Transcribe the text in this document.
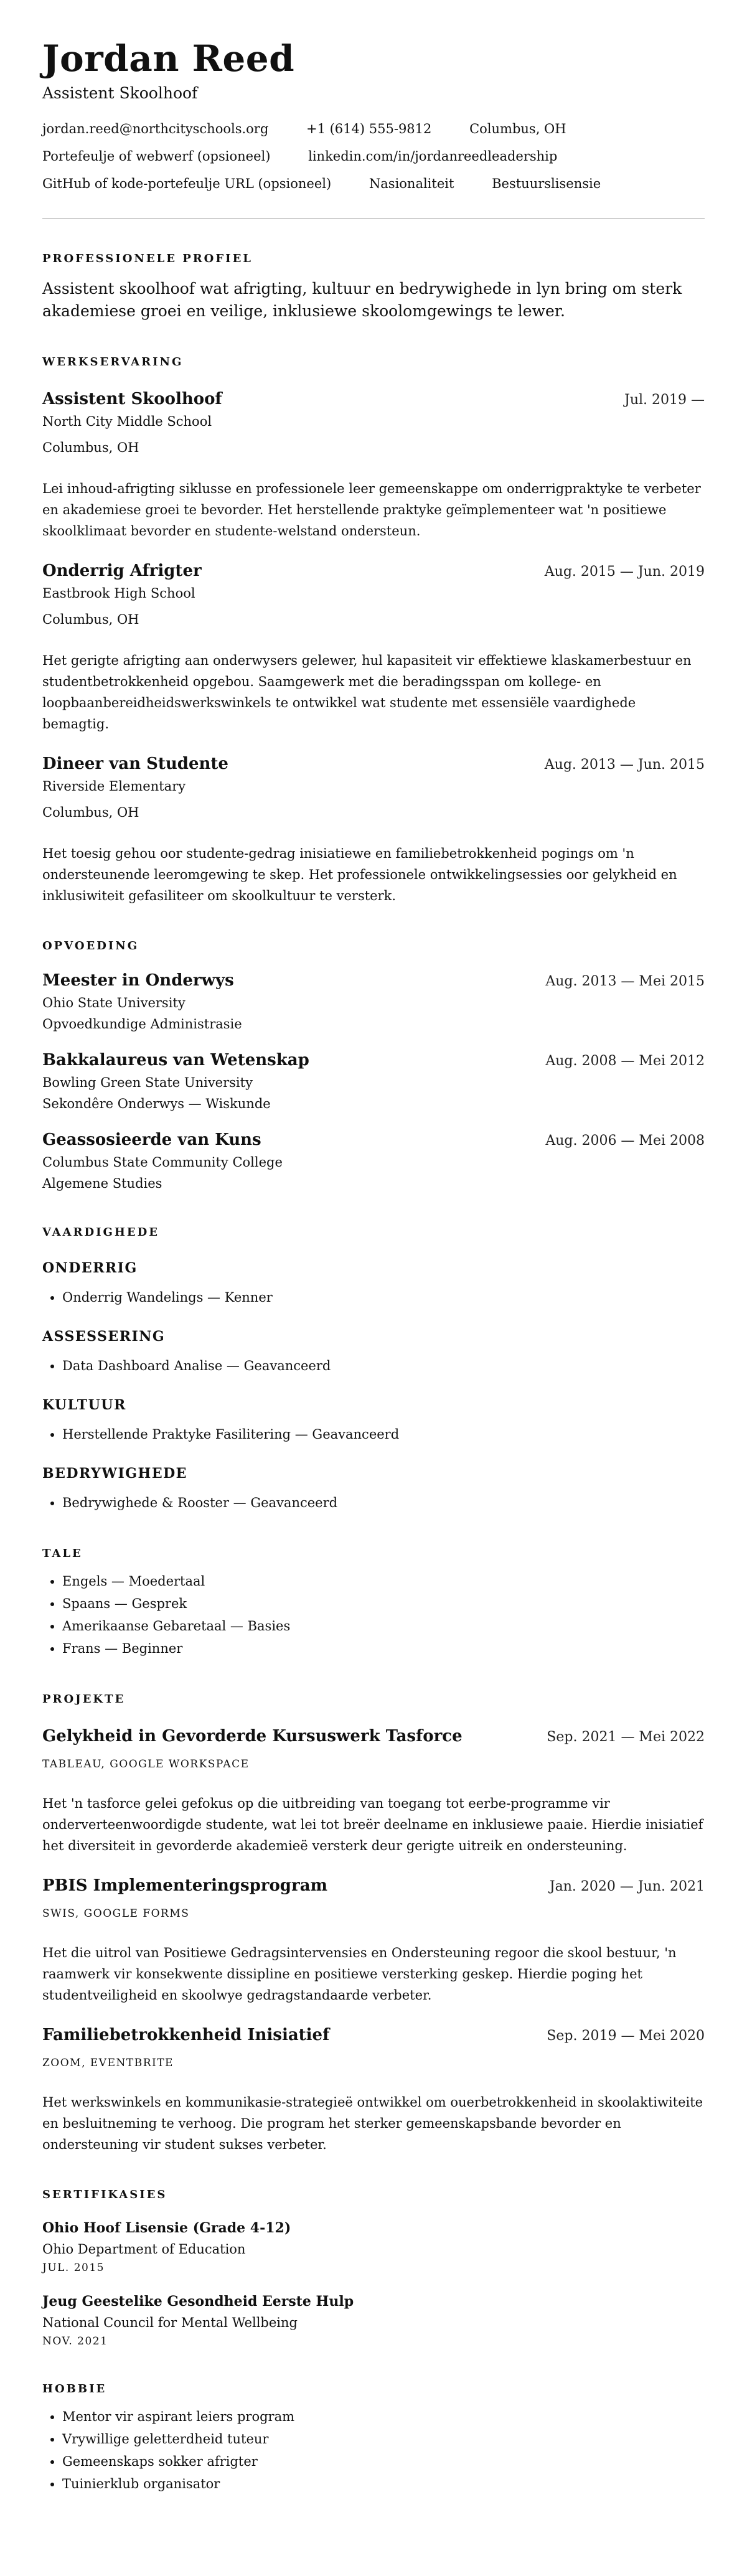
Jordan Reed
Assistent Skoolhoof
jordan.reed@northcityschools.org	+1 (614) 555-9812	Columbus, OH
Portefeulje of webwerf (opsioneel)	linkedin.com/in/jordanreedleadership
GitHub of kode-portefeulje URL (opsioneel)	Nasionaliteit	Bestuurslisensie
PROFESSIONELE PROFIEL
Assistent skoolhoof wat afrigting, kultuur en bedrywighede in lyn bring om sterk akademiese groei en veilige, inklusiewe skoolomgewings te lewer.
WERKSERVARING
Assistent Skoolhoof	Jul. 2019 —
North City Middle School
Columbus, OH
Lei inhoud-afrigting siklusse en professionele leer gemeenskappe om onderrigpraktyke te verbeter en akademiese groei te bevorder. Het herstellende praktyke geïmplementeer wat 'n positiewe skoolklimaat bevorder en studente-welstand ondersteun.
Onderrig Afrigter	Aug. 2015 — Jun. 2019
Eastbrook High School
Columbus, OH
Het gerigte afrigting aan onderwysers gelewer, hul kapasiteit vir effektiewe klaskamerbestuur en studentbetrokkenheid opgebou. Saamgewerk met die beradingsspan om kollege- en loopbaanbereidheidswerkswinkels te ontwikkel wat studente met essensiële vaardighede bemagtig.
Dineer van Studente	Aug. 2013 — Jun. 2015
Riverside Elementary
Columbus, OH
Het toesig gehou oor studente-gedrag inisiatiewe en familiebetrokkenheid pogings om 'n ondersteunende leeromgewing te skep. Het professionele ontwikkelingsessies oor gelykheid en inklusiwiteit gefasiliteer om skoolkultuur te versterk.
OPVOEDING
Meester in Onderwys	Aug. 2013 — Mei 2015
Ohio State University
Opvoedkundige Administrasie
Bakkalaureus van Wetenskap	Aug. 2008 — Mei 2012
Bowling Green State University
Sekondêre Onderwys — Wiskunde
Geassosieerde van Kuns	Aug. 2006 — Mei 2008
Columbus State Community College
Algemene Studies
VAARDIGHEDE
ONDERRIG
• Onderrig Wandelings — Kenner
ASSESSERING
• Data Dashboard Analise — Geavanceerd
KULTUUR
• Herstellende Praktyke Fasilitering — Geavanceerd
BEDRYWIGHEDE
• Bedrywighede & Rooster — Geavanceerd
TALE
• Engels — Moedertaal
• Spaans — Gesprek
• Amerikaanse Gebaretaal — Basies
• Frans — Beginner
PROJEKTE
Gelykheid in Gevorderde Kursuswerk Tasforce	Sep. 2021 — Mei 2022
TABLEAU, GOOGLE WORKSPACE
Het 'n tasforce gelei gefokus op die uitbreiding van toegang tot eerbe-programme vir onderverteenwoordigde studente, wat lei tot breër deelname en inklusiewe paaie. Hierdie inisiatief het diversiteit in gevorderde akademieë versterk deur gerigte uitreik en ondersteuning.
PBIS Implementeringsprogram	Jan. 2020 — Jun. 2021
SWIS, GOOGLE FORMS
Het die uitrol van Positiewe Gedragsintervensies en Ondersteuning regoor die skool bestuur, 'n raamwerk vir konsekwente dissipline en positiewe versterking geskep. Hierdie poging het studentveiligheid en skoolwye gedragstandaarde verbeter.
Familiebetrokkenheid Inisiatief	Sep. 2019 — Mei 2020
ZOOM, EVENTBRITE
Het werkswinkels en kommunikasie-strategieë ontwikkel om ouerbetrokkenheid in skoolaktiwiteite en besluitneming te verhoog. Die program het sterker gemeenskapsbande bevorder en ondersteuning vir student sukses verbeter.
SERTIFIKASIES
Ohio Hoof Lisensie (Grade 4-12)
Ohio Department of Education
JUL. 2015
Jeug Geestelike Gesondheid Eerste Hulp
National Council for Mental Wellbeing
NOV. 2021
HOBBIE
• Mentor vir aspirant leiers program
• Vrywillige geletterdheid tuteur
• Gemeenskaps sokker afrigter
• Tuinierklub organisator
